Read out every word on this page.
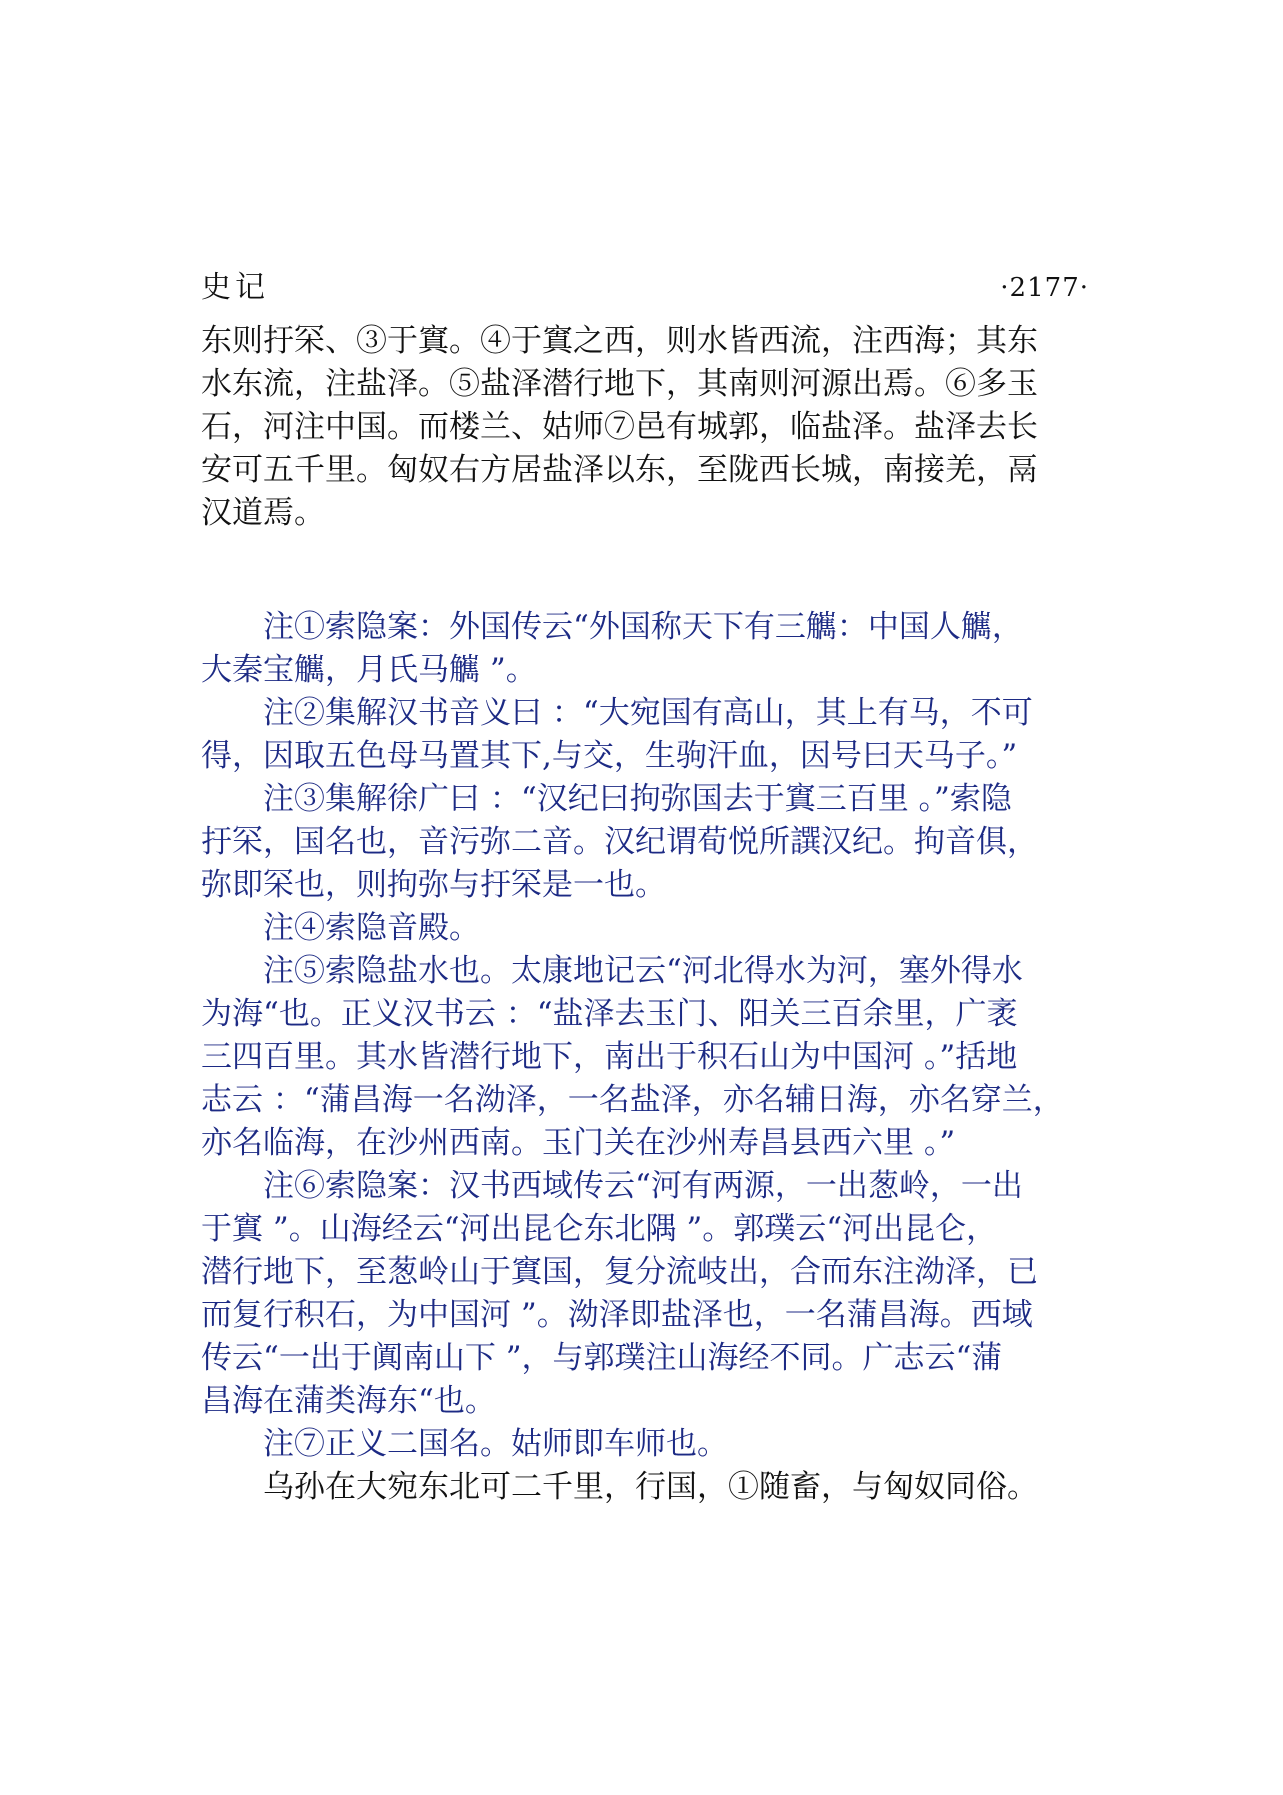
史记	·2177·
东则扜罙、③于窴。④于窴之西，则水皆西流，注西海；其东
水东流，注盐泽。⑤盐泽潜行地下，其南则河源出焉。⑥多玉
石，河注中国。而楼兰、姑师⑦邑有城郭，临盐泽。盐泽去长
安可五千里。匈奴右方居盐泽以东，至陇西长城，南接羌，鬲
汉道焉。
注①索隐案：外国传云“外国称天下有三觽：中国人觽，
大秦宝觽，月氏马觽 ”。
注②集解汉书音义曰 ：“大宛国有高山，其上有马，不可
得，因取五色母马置其下,与交，生驹汗血，因号曰天马子。”
注③集解徐广曰 ：“汉纪曰拘弥国去于窴三百里 。”索隐
扜罙，国名也，音污弥二音。汉纪谓荀悦所譔汉纪。拘音俱，
弥即罙也，则拘弥与扜罙是一也。
注④索隐音殿。
注⑤索隐盐水也。太康地记云“河北得水为河，塞外得水
为海“也。正义汉书云 ：“盐泽去玉门、阳关三百余里，广袤
三四百里。其水皆潜行地下，南出于积石山为中国河 。”括地
志云 ：“蒲昌海一名泑泽，一名盐泽，亦名辅日海，亦名穿兰，
亦名临海，在沙州西南。玉门关在沙州寿昌县西六里 。”
注⑥索隐案：汉书西域传云“河有两源，一出葱岭，一出
于窴 ”。山海经云“河出昆仑东北隅 ”。郭璞云“河出昆仑，
潜行地下，至葱岭山于窴国，复分流岐出，合而东注泑泽，已
而复行积石，为中国河 ”。泑泽即盐泽也，一名蒲昌海。西域
传云“一出于阗南山下 ”，与郭璞注山海经不同。广志云“蒲
昌海在蒲类海东“也。
注⑦正义二国名。姑师即车师也。
乌孙在大宛东北可二千里，行国，①随畜，与匈奴同俗。
